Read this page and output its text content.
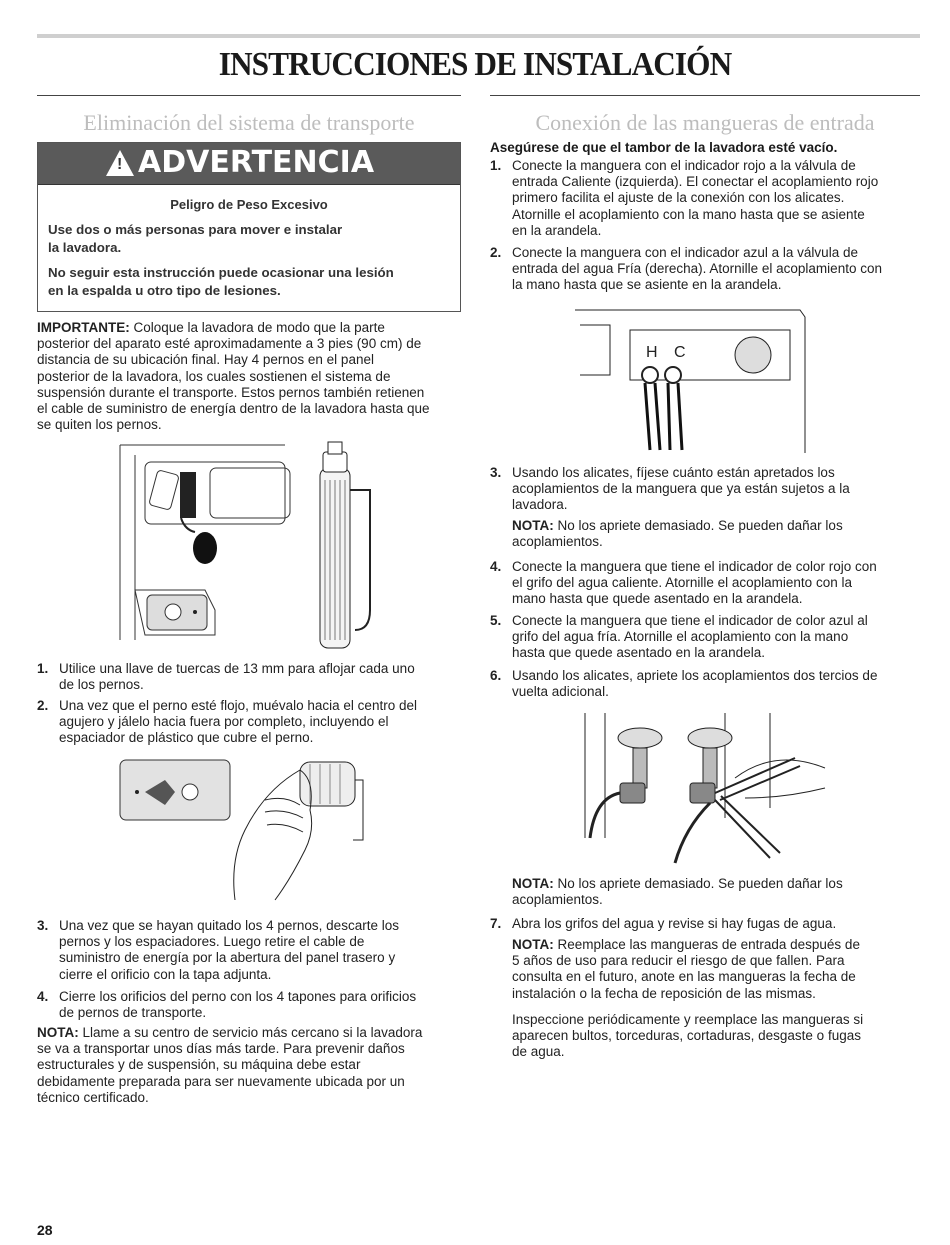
INSTRUCCIONES DE INSTALACIÓN
Eliminación del sistema de transporte
! ADVERTENCIA
Peligro de Peso Excesivo
Use dos o más personas para mover e instalar
la lavadora.
No seguir esta instrucción puede ocasionar una lesión
en la espalda u otro tipo de lesiones.
IMPORTANTE: Coloque la lavadora de modo que la parte
posterior del aparato esté aproximadamente a 3 pies (90 cm) de
distancia de su ubicación final. Hay 4 pernos en el panel
posterior de la lavadora, los cuales sostienen el sistema de
suspensión durante el transporte. Estos pernos también retienen
el cable de suministro de energía dentro de la lavadora hasta que
se quiten los pernos.
1. Utilice una llave de tuercas de 13 mm para aflojar cada uno
de los pernos.
2. Una vez que el perno esté flojo, muévalo hacia el centro del
agujero y jálelo hacia fuera por completo, incluyendo el
espaciador de plástico que cubre el perno.
3. Una vez que se hayan quitado los 4 pernos, descarte los
pernos y los espaciadores. Luego retire el cable de
suministro de energía por la abertura del panel trasero y
cierre el orificio con la tapa adjunta.
4. Cierre los orificios del perno con los 4 tapones para orificios
de pernos de transporte.
NOTA: Llame a su centro de servicio más cercano si la lavadora
se va a transportar unos días más tarde. Para prevenir daños
estructurales y de suspensión, su máquina debe estar
debidamente preparada para ser nuevamente ubicada por un
técnico certificado.
Conexión de las mangueras de entrada
Asegúrese de que el tambor de la lavadora esté vacío.
1. Conecte la manguera con el indicador rojo a la válvula de
entrada Caliente (izquierda). El conectar el acoplamiento rojo
primero facilita el ajuste de la conexión con los alicates.
Atornille el acoplamiento con la mano hasta que se asiente
en la arandela.
2. Conecte la manguera con el indicador azul a la válvula de
entrada del agua Fría (derecha). Atornille el acoplamiento con
la mano hasta que se asiente en la arandela.
H C
3. Usando los alicates, fíjese cuánto están apretados los
acoplamientos de la manguera que ya están sujetos a la
lavadora.
NOTA: No los apriete demasiado. Se pueden dañar los
acoplamientos.
4. Conecte la manguera que tiene el indicador de color rojo con
el grifo del agua caliente. Atornille el acoplamiento con la
mano hasta que quede asentado en la arandela.
5. Conecte la manguera que tiene el indicador de color azul al
grifo del agua fría. Atornille el acoplamiento con la mano
hasta que quede asentado en la arandela.
6. Usando los alicates, apriete los acoplamientos dos tercios de
vuelta adicional.
NOTA: No los apriete demasiado. Se pueden dañar los
acoplamientos.
7. Abra los grifos del agua y revise si hay fugas de agua.
NOTA: Reemplace las mangueras de entrada después de
5 años de uso para reducir el riesgo de que fallen. Para
consulta en el futuro, anote en las mangueras la fecha de
instalación o la fecha de reposición de las mismas.
Inspeccione periódicamente y reemplace las mangueras si
aparecen bultos, torceduras, cortaduras, desgaste o fugas
de agua.
28
